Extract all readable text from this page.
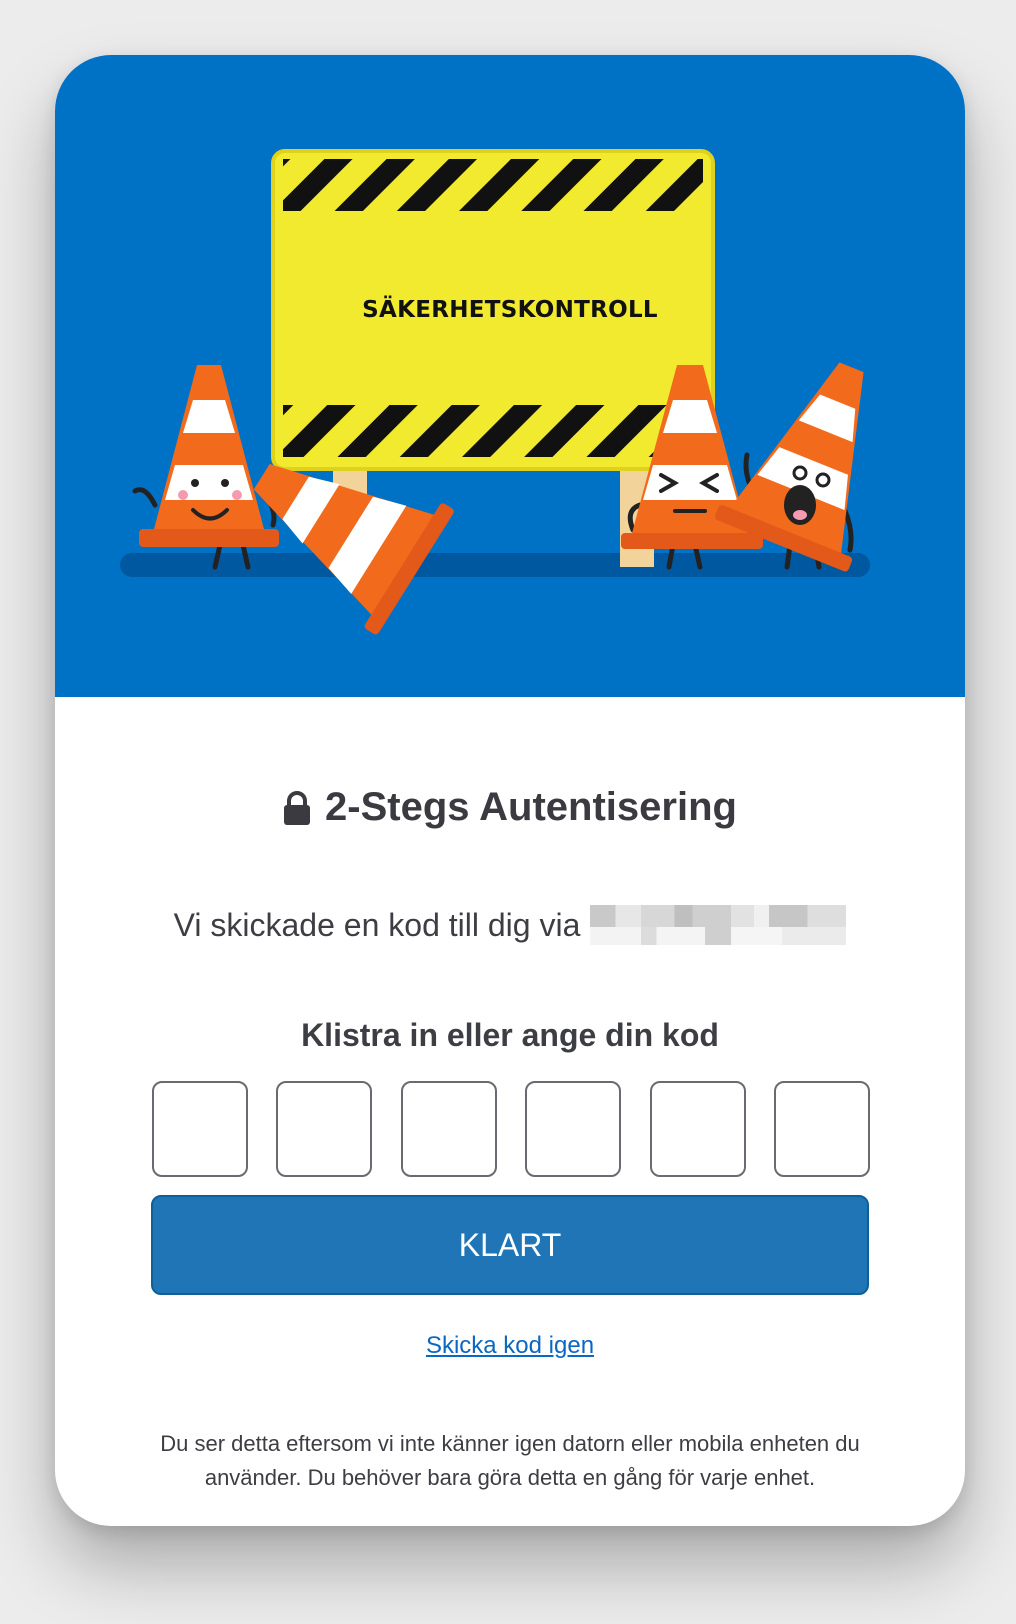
SÄKERHETSKONTROLL
2-Stegs Autentisering
Vi skickade en kod till dig via
Klistra in eller ange din kod
KLART
Skicka kod igen
Du ser detta eftersom vi inte känner igen datorn eller mobila enheten du använder. Du behöver bara göra detta en gång för varje enhet.
